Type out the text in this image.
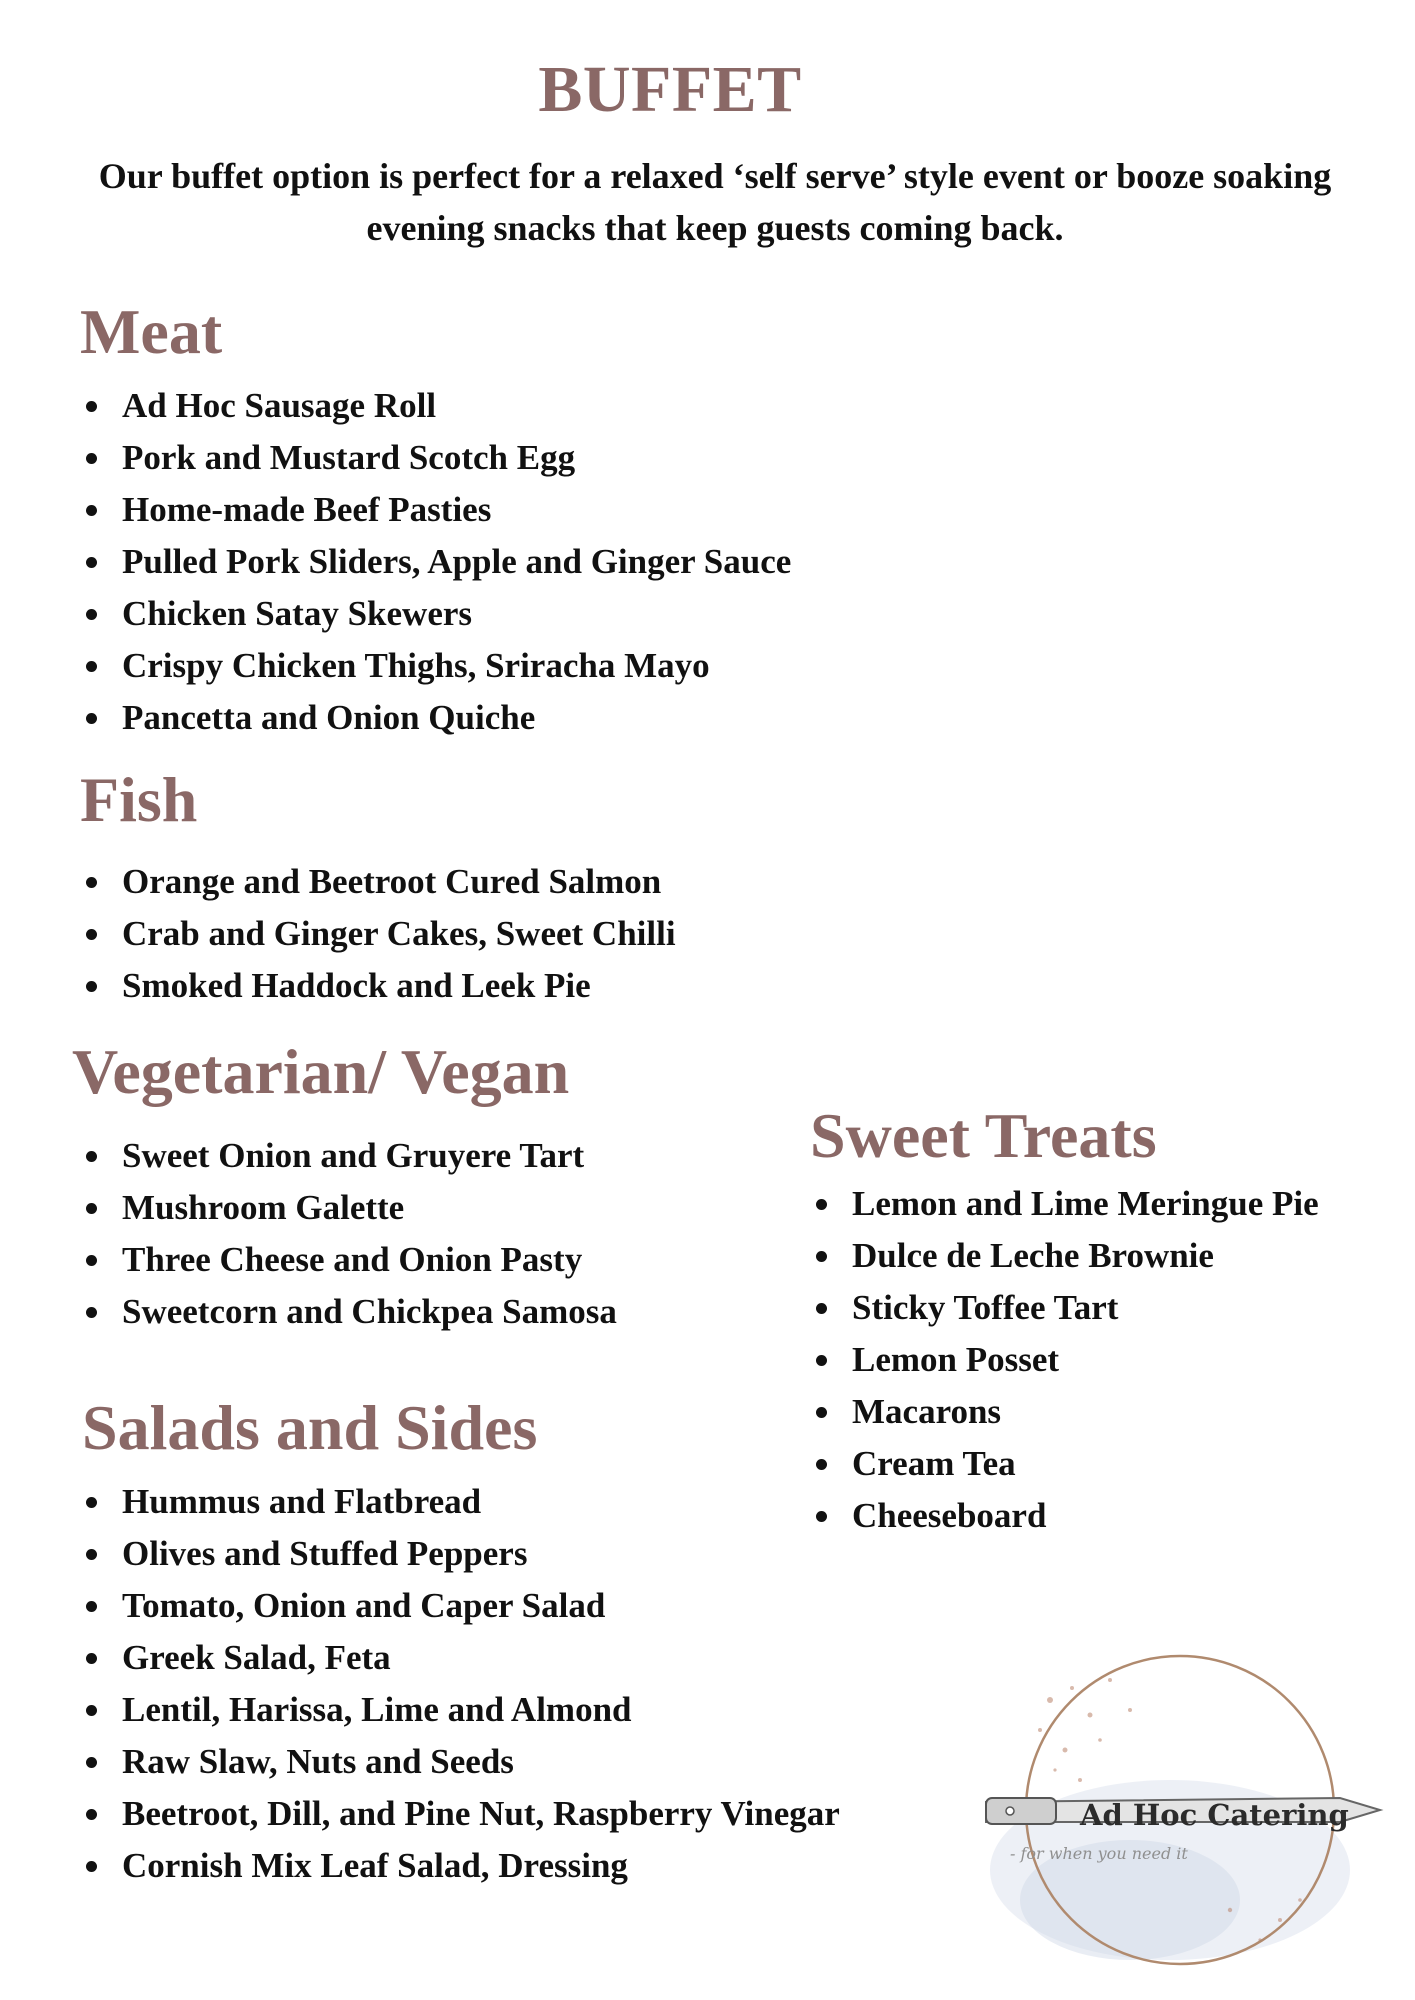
BUFFET

Our buffet option is perfect for a relaxed ‘self serve’ style event or booze soaking evening snacks that keep guests coming back.

Meat
Ad Hoc Sausage Roll
Pork and Mustard Scotch Egg
Home-made Beef Pasties
Pulled Pork Sliders, Apple and Ginger Sauce
Chicken Satay Skewers
Crispy Chicken Thighs, Sriracha Mayo
Pancetta and Onion Quiche
Fish
Orange and Beetroot Cured Salmon
Crab and Ginger Cakes, Sweet Chilli
Smoked Haddock and Leek Pie
Vegetarian/ Vegan
Sweet Onion and Gruyere Tart
Mushroom Galette
Three Cheese and Onion Pasty
Sweetcorn and Chickpea Samosa
Salads and Sides
Hummus and Flatbread
Olives and Stuffed Peppers
Tomato, Onion and Caper Salad
Greek Salad, Feta
Lentil, Harissa, Lime and Almond
Raw Slaw, Nuts and Seeds
Beetroot, Dill, and Pine Nut, Raspberry Vinegar
Cornish Mix Leaf Salad, Dressing
Sweet Treats
Lemon and Lime Meringue Pie
Dulce de Leche Brownie
Sticky Toffee Tart
Lemon Posset
Macarons
Cream Tea
Cheeseboard
Ad Hoc Catering
- for when you need it
